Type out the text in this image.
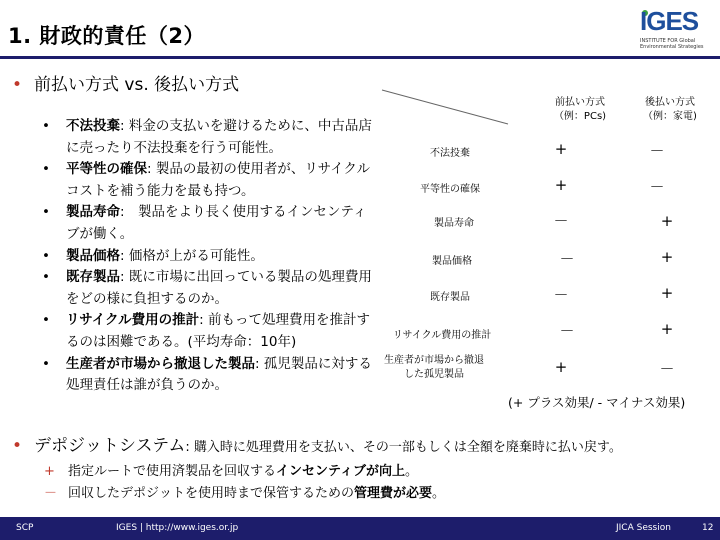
1. 財政的責任（2）	IGES
INSTITUTE FOR Global Environmental Strategies
• 前払い方式 vs. 後払い方式
• 不法投棄: 料金の支払いを避けるために、中古品店に売ったり不法投棄を行う可能性。
• 平等性の確保: 製品の最初の使用者が、リサイクルコストを補う能力を最も持つ。
• 製品寿命:　製品をより長く使用するインセンティブが働く。
• 製品価格: 価格が上がる可能性。
• 既存製品: 既に市場に出回っている製品の処理費用をどの様に負担するのか。
• リサイクル費用の推計: 前もって処理費用を推計するのは困難である。(平均寿命：10年)
• 生産者が市場から撤退した製品: 孤児製品に対する処理責任は誰が負うのか。
前払い方式
（例：PCs)
後払い方式
（例：家電)
不法投棄	+	－
平等性の確保	+	－
製品寿命	－	+
製品価格	－	+
既存製品	－	+
リサイクル費用の推計	－	+
生産者が市場から撤退した孤児製品	+	－
(+ プラス効果/ - マイナス効果)
• デポジットシステム: 購入時に処理費用を支払い、その一部もしくは全額を廃棄時に払い戻す。
+ 指定ルートで使用済製品を回収するインセンティブが向上。
－ 回収したデポジットを使用時まで保管するための管理費が必要。
SCP	IGES | http://www.iges.or.jp	JICA Session	12
